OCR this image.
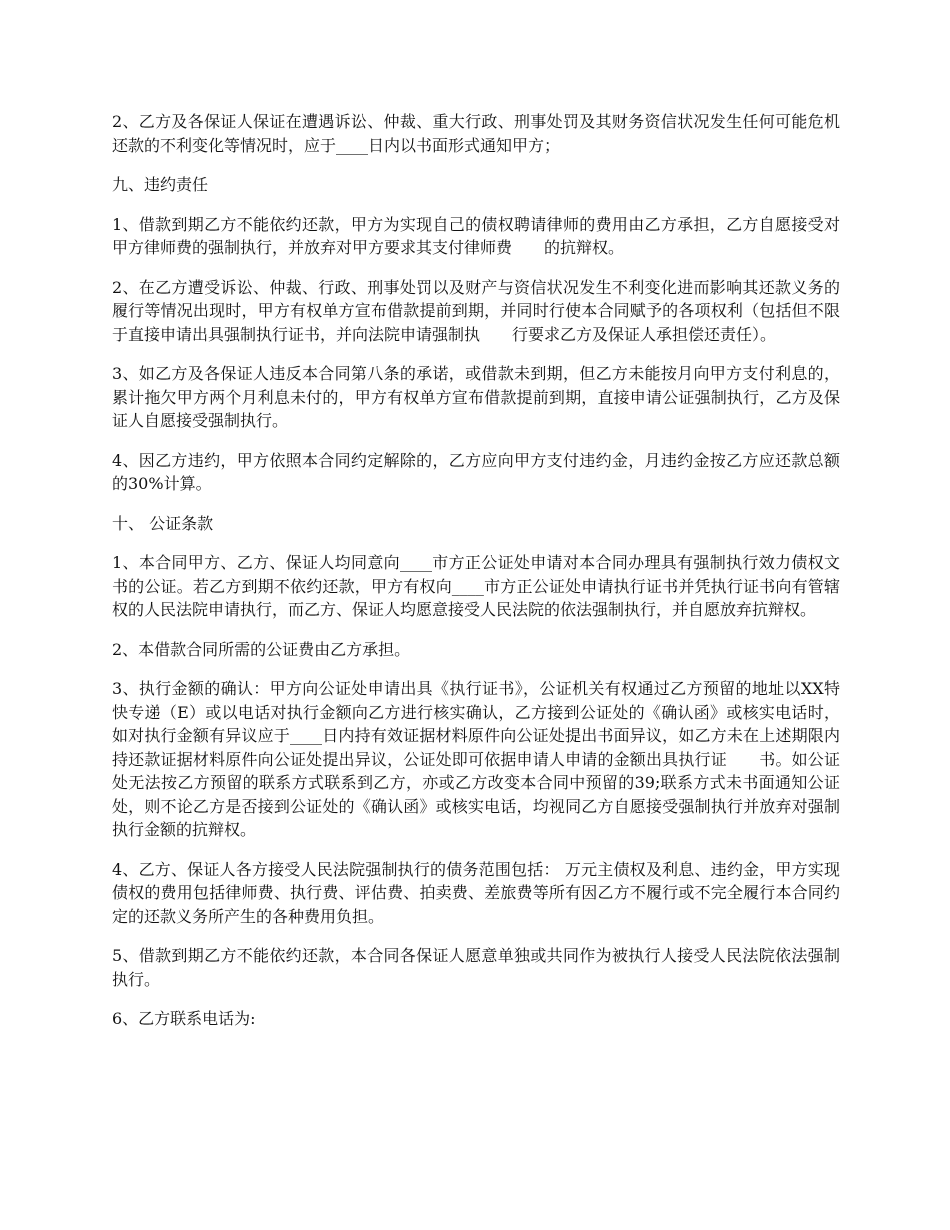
2、乙方及各保证人保证在遭遇诉讼、仲裁、重大行政、刑事处罚及其财务资信状况发生任何可能危机还款的不利变化等情况时，应于____日内以书面形式通知甲方；

九、违约责任

1、借款到期乙方不能依约还款，甲方为实现自己的债权聘请律师的费用由乙方承担，乙方自愿接受对甲方律师费的强制执行，并放弃对甲方要求其支付律师费　　的抗辩权。

2、在乙方遭受诉讼、仲裁、行政、刑事处罚以及财产与资信状况发生不利变化进而影响其还款义务的履行等情况出现时，甲方有权单方宣布借款提前到期，并同时行使本合同赋予的各项权利（包括但不限于直接申请出具强制执行证书，并向法院申请强制执　　行要求乙方及保证人承担偿还责任）。

3、如乙方及各保证人违反本合同第八条的承诺，或借款未到期，但乙方未能按月向甲方支付利息的，累计拖欠甲方两个月利息未付的，甲方有权单方宣布借款提前到期，直接申请公证强制执行，乙方及保证人自愿接受强制执行。

4、因乙方违约，甲方依照本合同约定解除的，乙方应向甲方支付违约金，月违约金按乙方应还款总额的30%计算。

十、 公证条款

1、本合同甲方、乙方、保证人均同意向____市方正公证处申请对本合同办理具有强制执行效力债权文书的公证。若乙方到期不依约还款，甲方有权向____市方正公证处申请执行证书并凭执行证书向有管辖权的人民法院申请执行，而乙方、保证人均愿意接受人民法院的依法强制执行，并自愿放弃抗辩权。

2、本借款合同所需的公证费由乙方承担。

3、执行金额的确认：甲方向公证处申请出具《执行证书》，公证机关有权通过乙方预留的地址以XX特快专递（E）或以电话对执行金额向乙方进行核实确认，乙方接到公证处的《确认函》或核实电话时，如对执行金额有异议应于____日内持有效证据材料原件向公证处提出书面异议，如乙方未在上述期限内持还款证据材料原件向公证处提出异议，公证处即可依据申请人申请的金额出具执行证　　书。如公证处无法按乙方预留的联系方式联系到乙方，亦或乙方改变本合同中预留的39;联系方式未书面通知公证处，则不论乙方是否接到公证处的《确认函》或核实电话，均视同乙方自愿接受强制执行并放弃对强制执行金额的抗辩权。

4、乙方、保证人各方接受人民法院强制执行的债务范围包括： 万元主债权及利息、违约金，甲方实现债权的费用包括律师费、执行费、评估费、拍卖费、差旅费等所有因乙方不履行或不完全履行本合同约定的还款义务所产生的各种费用负担。

5、借款到期乙方不能依约还款，本合同各保证人愿意单独或共同作为被执行人接受人民法院依法强制执行。

6、乙方联系电话为:
